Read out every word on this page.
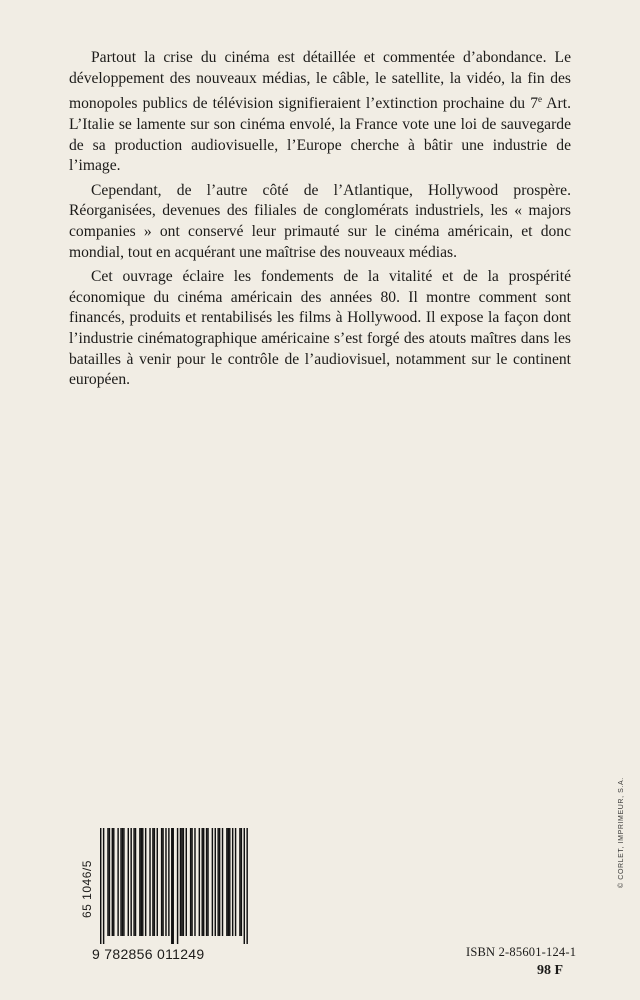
Partout la crise du cinéma est détaillée et commentée d’abondance. Le développement des nouveaux médias, le câble, le satellite, la vidéo, la fin des monopoles publics de télévision signifieraient l’extinction prochaine du 7e Art. L’Italie se lamente sur son cinéma envolé, la France vote une loi de sauvegarde de sa production audiovisuelle, l’Europe cherche à bâtir une industrie de l’image.

Cependant, de l’autre côté de l’Atlantique, Hollywood prospère. Réorganisées, devenues des filiales de conglomérats industriels, les « majors companies » ont conservé leur primauté sur le cinéma américain, et donc mondial, tout en acquérant une maîtrise des nouveaux médias.

Cet ouvrage éclaire les fondements de la vitalité et de la prospérité économique du cinéma américain des années 80. Il montre comment sont financés, produits et rentabilisés les films à Hollywood. Il expose la façon dont l’industrie cinématographique américaine s’est forgé des atouts maîtres dans les batailles à venir pour le contrôle de l’audiovisuel, notamment sur le continent européen.

© CORLET, IMPRIMEUR, S.A.
65 1046/5
9 782856 011249	ISBN 2-85601-124-1
98 F
